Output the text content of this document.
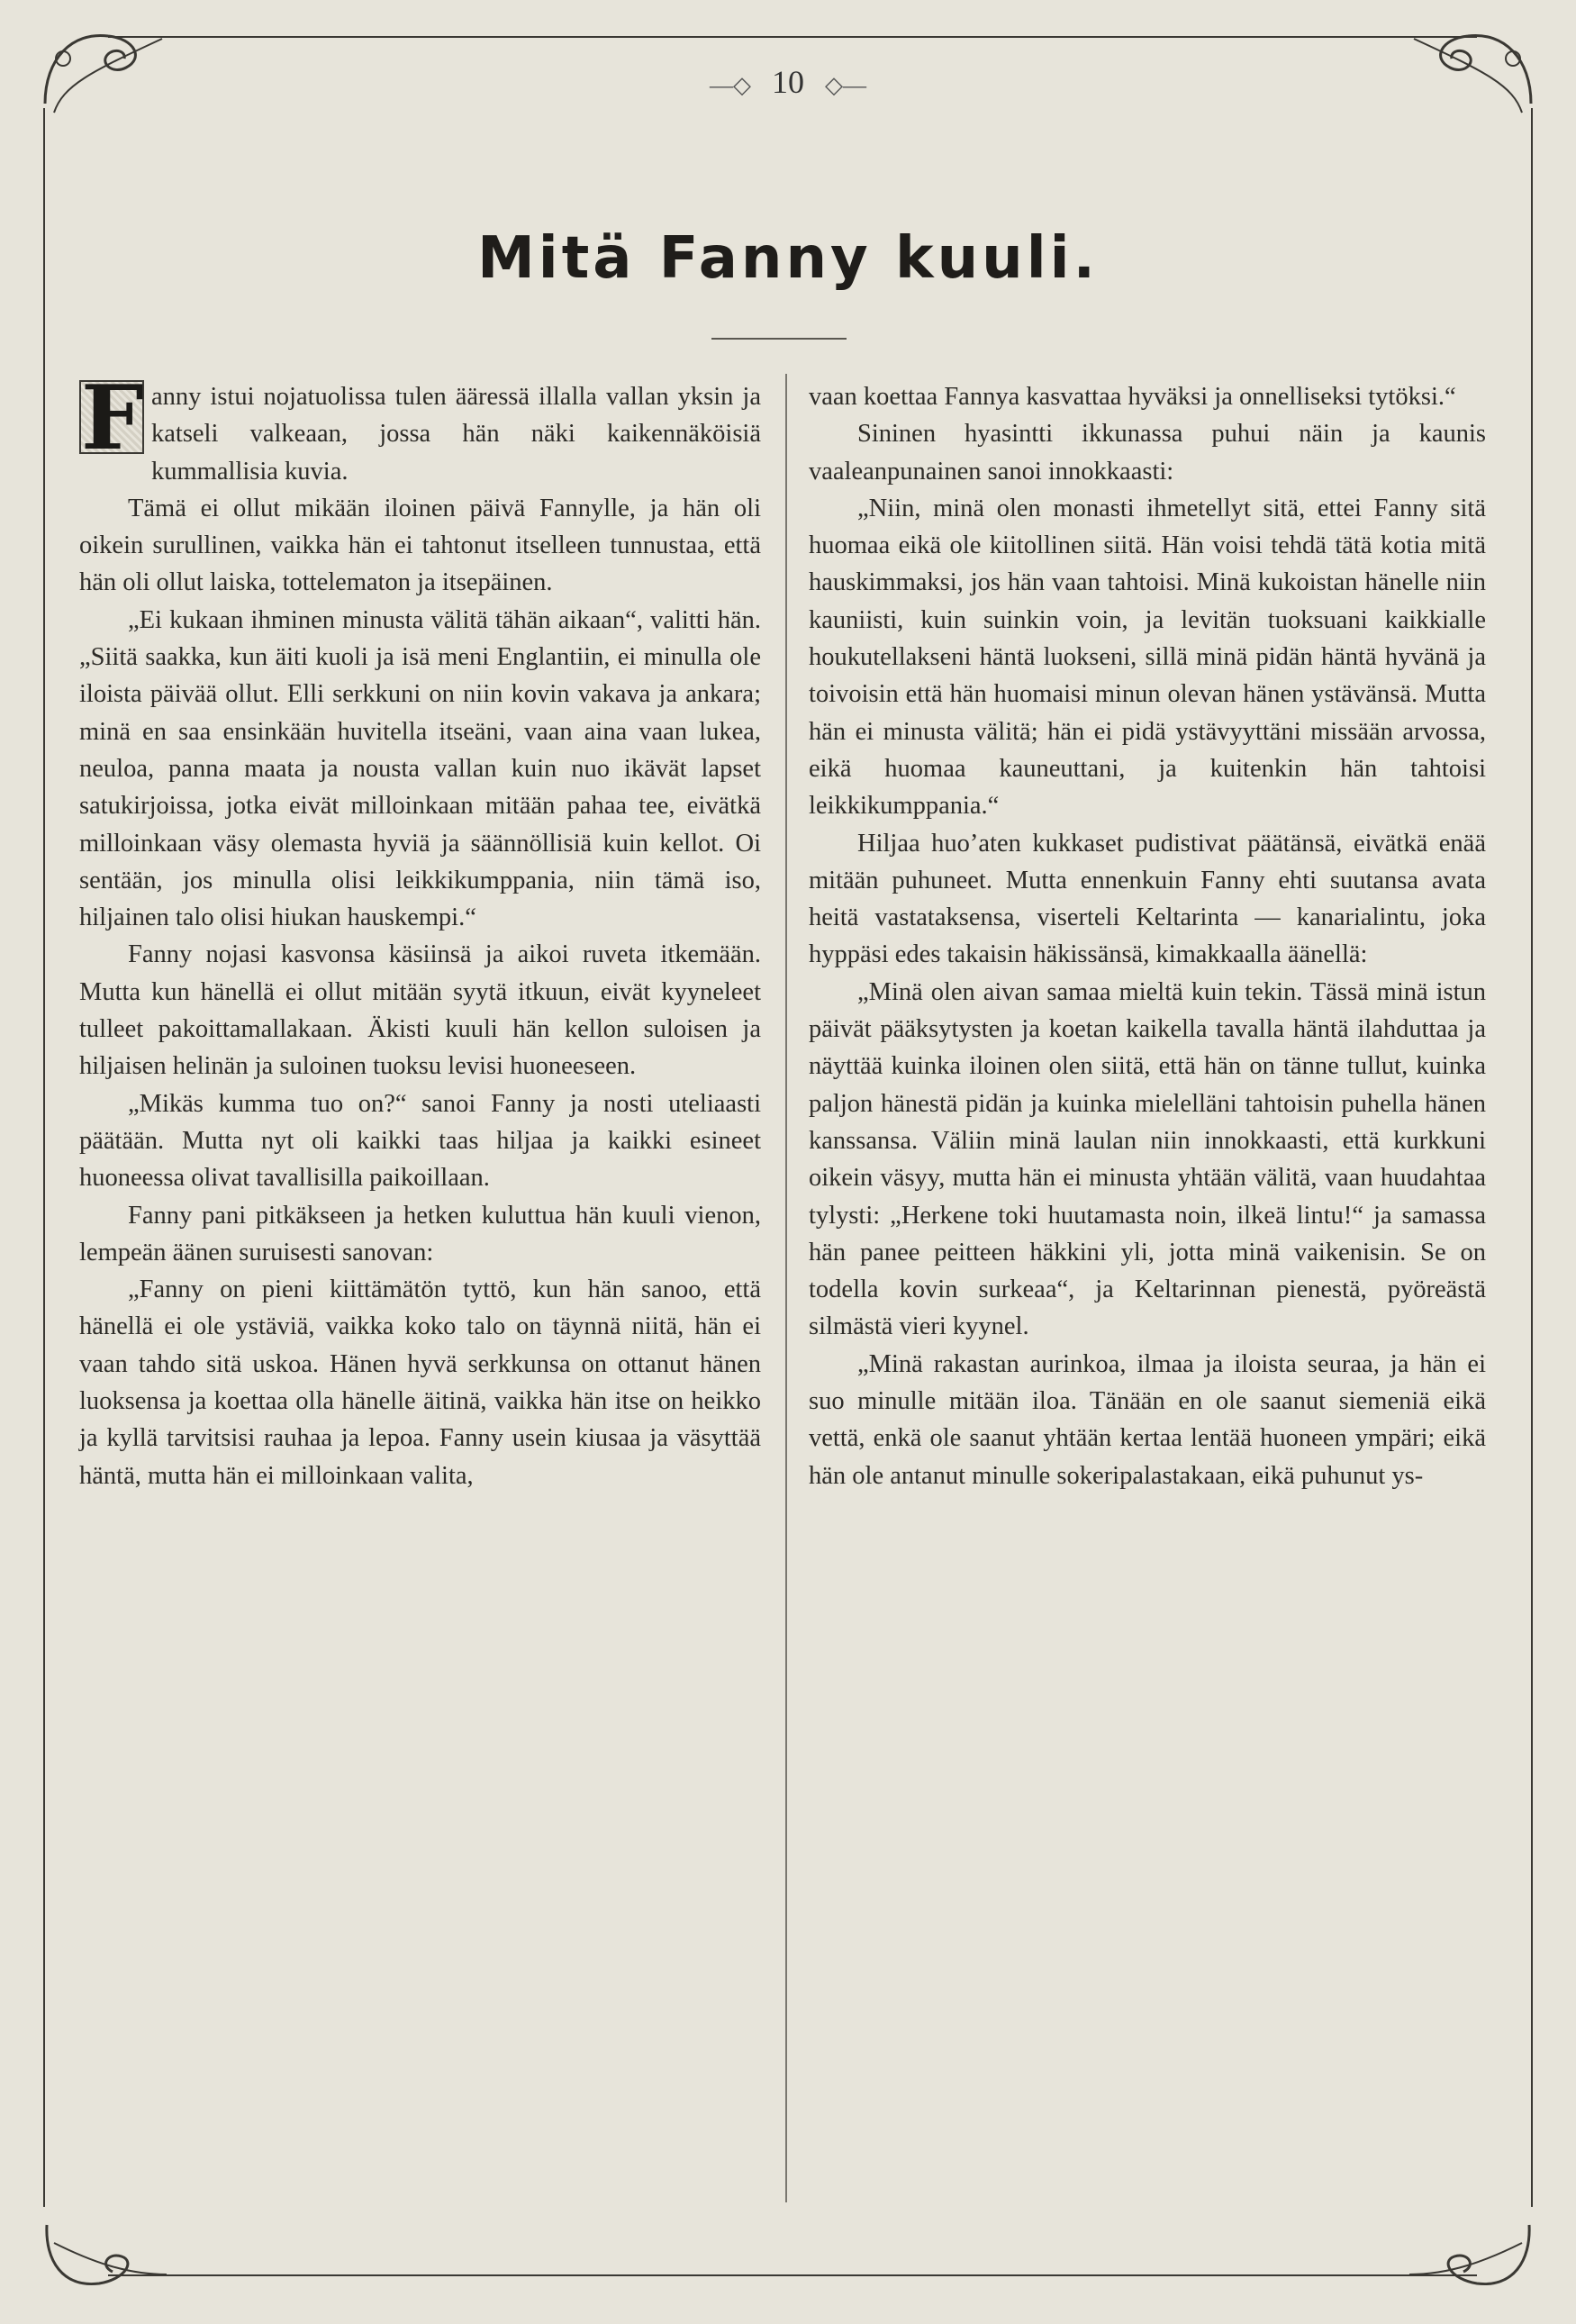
—◇ 10 ◇—
Mitä Fanny kuuli.

F anny istui nojatuolissa tulen ääressä illalla vallan yksin ja katseli valkeaan, jossa hän näki kaikennäköisiä kummallisia kuvia.

Tämä ei ollut mikään iloinen päivä Fannylle, ja hän oli oikein surullinen, vaikka hän ei tahtonut itselleen tunnustaa, että hän oli ollut laiska, tottelematon ja itsepäinen.

„Ei kukaan ihminen minusta välitä tähän aikaan“, valitti hän. „Siitä saakka, kun äiti kuoli ja isä meni Englantiin, ei minulla ole iloista päivää ollut. Elli serkkuni on niin kovin vakava ja ankara; minä en saa ensinkään huvitella itseäni, vaan aina vaan lukea, neuloa, panna maata ja nousta vallan kuin nuo ikävät lapset satukirjoissa, jotka eivät milloinkaan mitään pahaa tee, eivätkä milloinkaan väsy olemasta hyviä ja säännöllisiä kuin kellot. Oi sentään, jos minulla olisi leikkikumppania, niin tämä iso, hiljainen talo olisi hiukan hauskempi.“

Fanny nojasi kasvonsa käsiinsä ja aikoi ruveta itkemään. Mutta kun hänellä ei ollut mitään syytä itkuun, eivät kyyneleet tulleet pakoittamallakaan. Äkisti kuuli hän kellon suloisen ja hiljaisen helinän ja suloinen tuoksu levisi huoneeseen.

„Mikäs kumma tuo on?“ sanoi Fanny ja nosti uteliaasti päätään. Mutta nyt oli kaikki taas hiljaa ja kaikki esineet huoneessa olivat tavallisilla paikoillaan.

Fanny pani pitkäkseen ja hetken kuluttua hän kuuli vienon, lempeän äänen suruisesti sanovan:

„Fanny on pieni kiittämätön tyttö, kun hän sanoo, että hänellä ei ole ystäviä, vaikka koko talo on täynnä niitä, hän ei vaan tahdo sitä uskoa. Hänen hyvä serkkunsa on ottanut hänen luoksensa ja koettaa olla hänelle äitinä, vaikka hän itse on heikko ja kyllä tarvitsisi rauhaa ja lepoa. Fanny usein kiusaa ja väsyttää häntä, mutta hän ei milloinkaan valita,

vaan koettaa Fannya kasvattaa hyväksi ja onnelliseksi tytöksi.“

Sininen hyasintti ikkunassa puhui näin ja kaunis vaaleanpunainen sanoi innokkaasti:

„Niin, minä olen monasti ihmetellyt sitä, ettei Fanny sitä huomaa eikä ole kiitollinen siitä. Hän voisi tehdä tätä kotia mitä hauskimmaksi, jos hän vaan tahtoisi. Minä kukoistan hänelle niin kauniisti, kuin suinkin voin, ja levitän tuoksuani kaikkialle houkutellakseni häntä luokseni, sillä minä pidän häntä hyvänä ja toivoisin että hän huomaisi minun olevan hänen ystävänsä. Mutta hän ei minusta välitä; hän ei pidä ystävyyttäni missään arvossa, eikä huomaa kauneuttani, ja kuitenkin hän tahtoisi leikkikumppania.“

Hiljaa huo’aten kukkaset pudistivat päätänsä, eivätkä enää mitään puhuneet. Mutta ennenkuin Fanny ehti suutansa avata heitä vastataksensa, viserteli Keltarinta — kanarialintu, joka hyppäsi edes takaisin häkissänsä, kimakkaalla äänellä:

„Minä olen aivan samaa mieltä kuin tekin. Tässä minä istun päivät pääksytysten ja koetan kaikella tavalla häntä ilahduttaa ja näyttää kuinka iloinen olen siitä, että hän on tänne tullut, kuinka paljon hänestä pidän ja kuinka mielelläni tahtoisin puhella hänen kanssansa. Väliin minä laulan niin innokkaasti, että kurkkuni oikein väsyy, mutta hän ei minusta yhtään välitä, vaan huudahtaa tylysti: „Herkene toki huutamasta noin, ilkeä lintu!“ ja samassa hän panee peitteen häkkini yli, jotta minä vaikenisin. Se on todella kovin surkeaa“, ja Keltarinnan pienestä, pyöreästä silmästä vieri kyynel.

„Minä rakastan aurinkoa, ilmaa ja iloista seuraa, ja hän ei suo minulle mitään iloa. Tänään en ole saanut siemeniä eikä vettä, enkä ole saanut yhtään kertaa lentää huoneen ympäri; eikä hän ole antanut minulle sokeripalastakaan, eikä puhunut ys-
